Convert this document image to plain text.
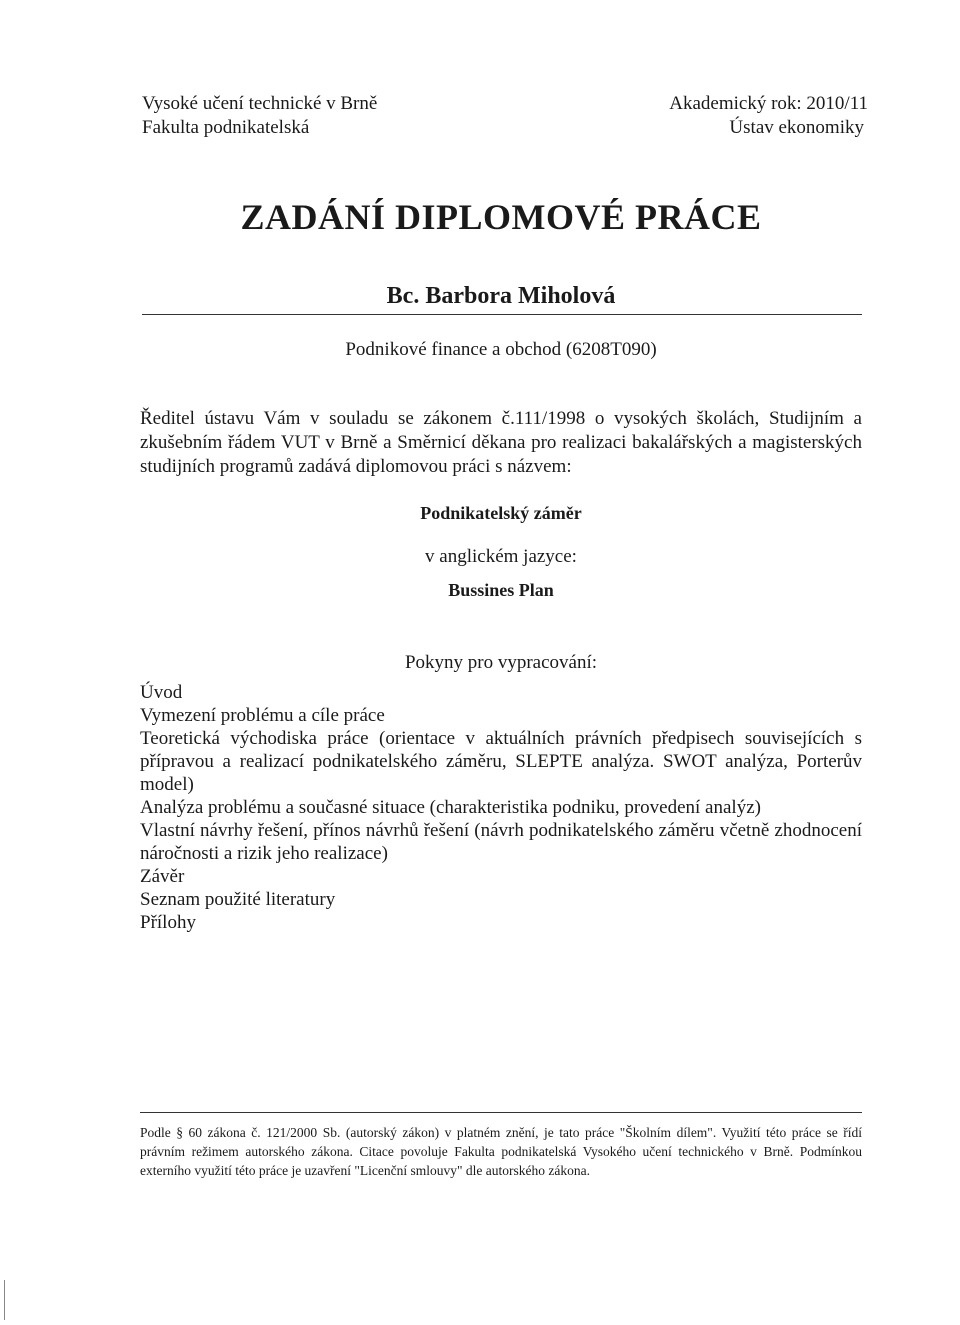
Vysoké učení technické v Brně
Fakulta podnikatelská
Akademický rok: 2010/11
Ústav ekonomiky
ZADÁNÍ DIPLOMOVÉ PRÁCE
Bc. Barbora Miholová
Podnikové finance a obchod (6208T090)
Ředitel ústavu Vám v souladu se zákonem č.111/1998 o vysokých školách, Studijním a
zkušebním řádem VUT v Brně a Směrnicí děkana pro realizaci bakalářských a magisterských
studijních programů zadává diplomovou práci s názvem:
Podnikatelský záměr
v anglickém jazyce:
Bussines Plan
Pokyny pro vypracování:
Úvod
Vymezení problému a cíle práce
Teoretická východiska práce (orientace v aktuálních právních předpisech souvisejících s přípravou a realizací podnikatelského záměru, SLEPTE analýza. SWOT analýza, Porterův model)
Analýza problému a současné situace (charakteristika podniku, provedení analýz)
Vlastní návrhy řešení, přínos návrhů řešení (návrh podnikatelského záměru včetně zhodnocení náročnosti a rizik jeho realizace)
Závěr
Seznam použité literatury
Přílohy
Podle § 60 zákona č. 121/2000 Sb. (autorský zákon) v platném znění, je tato práce "Školním dílem". Využití této práce se řídí právním režimem autorského zákona. Citace povoluje Fakulta podnikatelská Vysokého učení technického v Brně. Podmínkou externího využití této práce je uzavření "Licenční smlouvy" dle autorského zákona.
